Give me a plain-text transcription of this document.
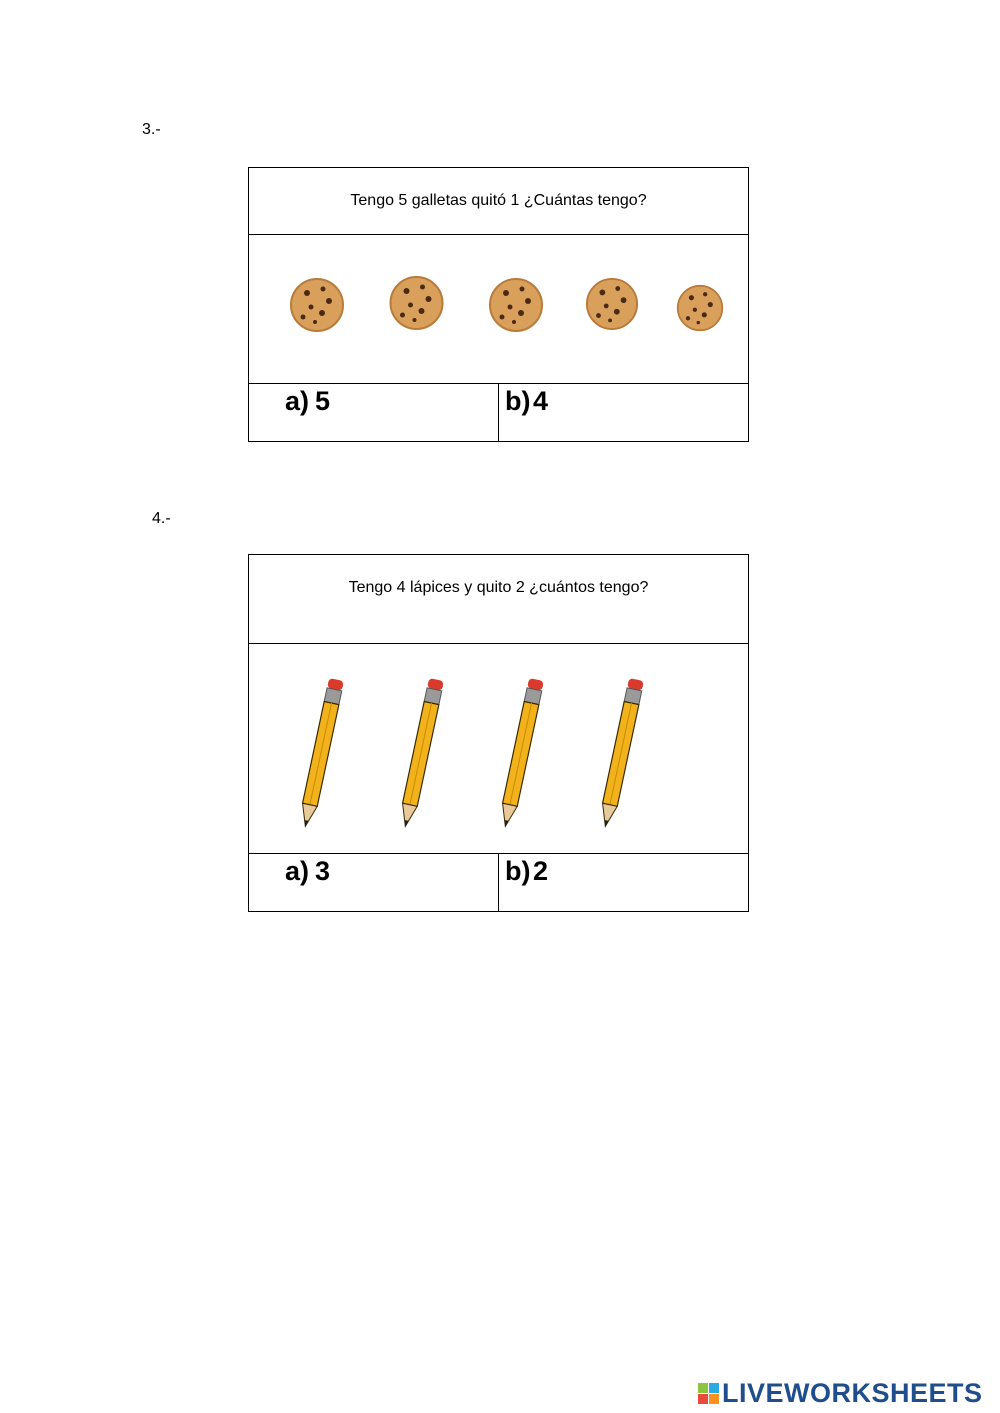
3.-
Tengo 5 galletas quitó 1 ¿Cuántas tengo?
a) 5	b) 4
4.-
Tengo 4 lápices y quito 2 ¿cuántos tengo?
a) 3	b) 2
LIVEWORKSHEETS
